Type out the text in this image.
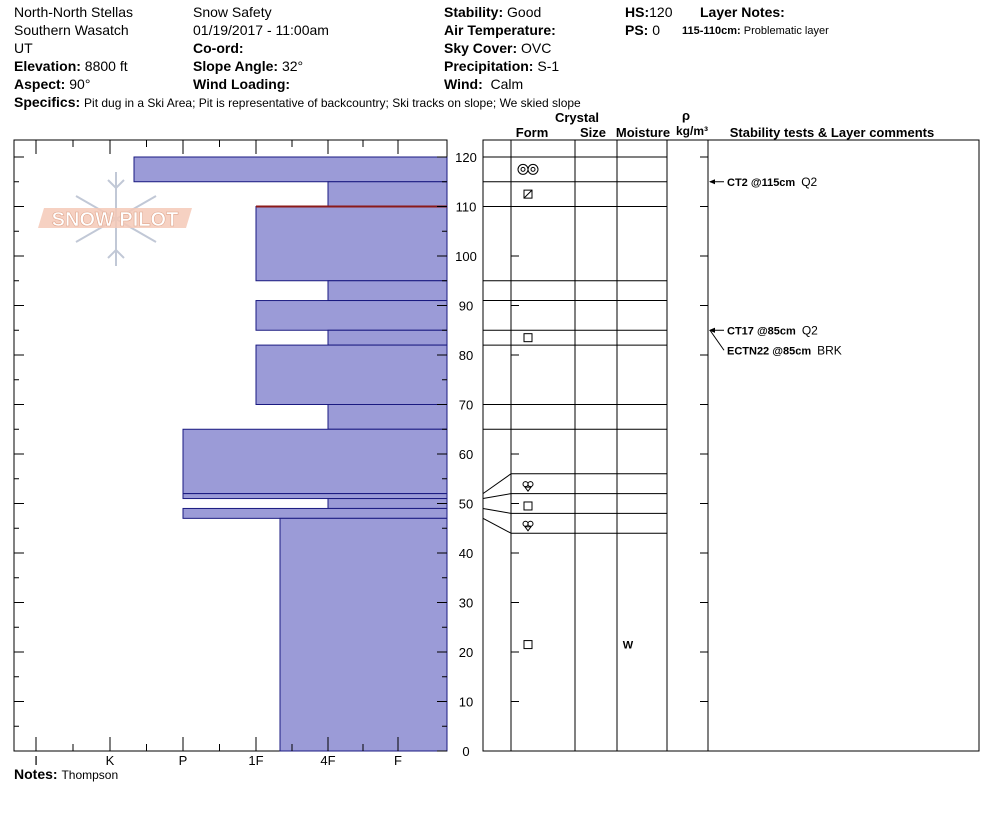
North-North Stellas
Southern Wasatch
UT
Elevation: 8800 ft
Aspect: 90°
Snow Safety
01/19/2017 - 11:00am
Co-ord:
Slope Angle: 32°
Wind Loading:
Stability: Good
Air Temperature:
Sky Cover: OVC
Precipitation: S-1
Wind: Calm
HS:120
PS: 0
Layer Notes:
115-110cm: Problematic layer
Specifics: Pit dug in a Ski Area; Pit is representative of backcountry; Ski tracks on slope; We skied slope
Notes: Thompson
SNOW PILOT
I	K	P	1F	4F	F
0
10
20
30
40
50
60
70
80
90
100
110
120
Crystal
Form Size Moisture
ρ
kg/m³ Stability tests & Layer comments
W
CT2 @115cm Q2
CT17 @85cm Q2
ECTN22 @85cm BRK
